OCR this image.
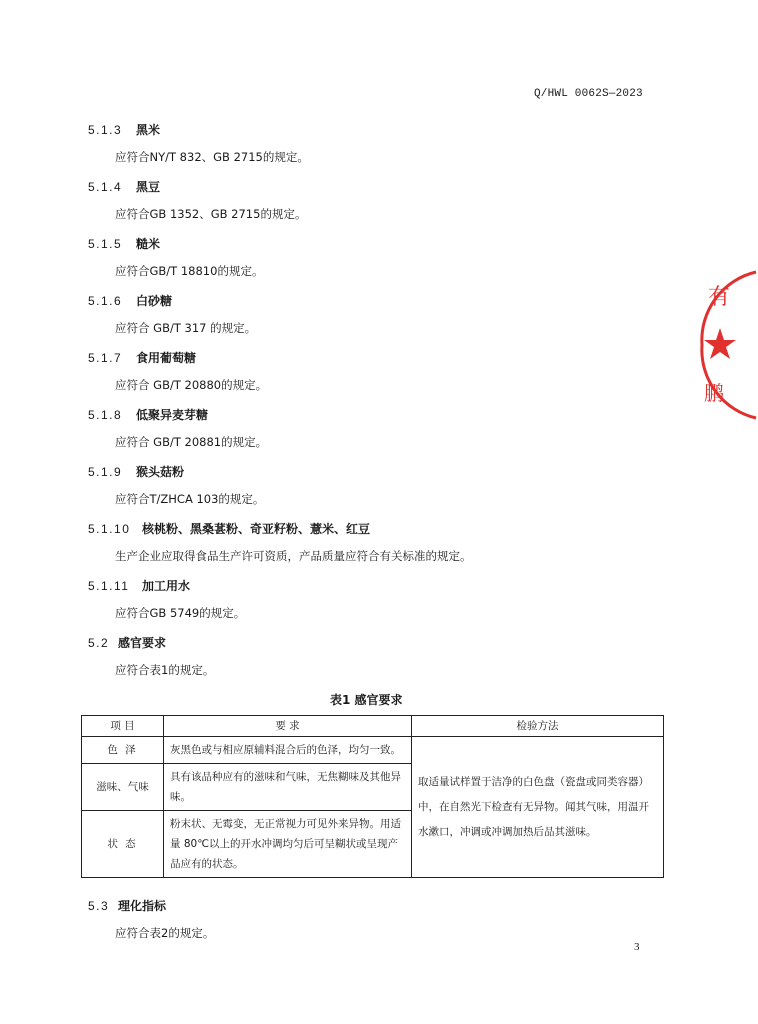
Q/HWL 0062S—2023
5.1.3 黑米
应符合NY/T 832、GB 2715的规定。
5.1.4 黑豆
应符合GB 1352、GB 2715的规定。
5.1.5 糙米
应符合GB/T 18810的规定。
5.1.6 白砂糖
应符合 GB/T 317 的规定。
5.1.7 食用葡萄糖
应符合 GB/T 20880的规定。
5.1.8 低聚异麦芽糖
应符合 GB/T 20881的规定。
5.1.9 猴头菇粉
应符合T/ZHCA 103的规定。
5.1.10 核桃粉、黑桑葚粉、奇亚籽粉、薏米、红豆
生产企业应取得食品生产许可资质，产品质量应符合有关标准的规定。
5.1.11 加工用水
应符合GB 5749的规定。
5.2 感官要求
应符合表1的规定。
表1 感官要求
项 目	要 求	检验方法
色 泽	灰黑色或与相应原辅料混合后的色泽，均匀一致。	取适量试样置于洁净的白色盘（瓷盘或同类容器）中，在自然光下检查有无异物。闻其气味，用温开水漱口，冲调或冲调加热后品其滋味。
滋味、气味	具有该品种应有的滋味和气味，无焦糊味及其他异味。	
状 态	粉末状、无霉变，无正常视力可见外来异物。用适量 80℃以上的开水冲调均匀后可呈糊状或呈现产品应有的状态。	
5.3 理化指标
应符合表2的规定。
3
有
鹏
